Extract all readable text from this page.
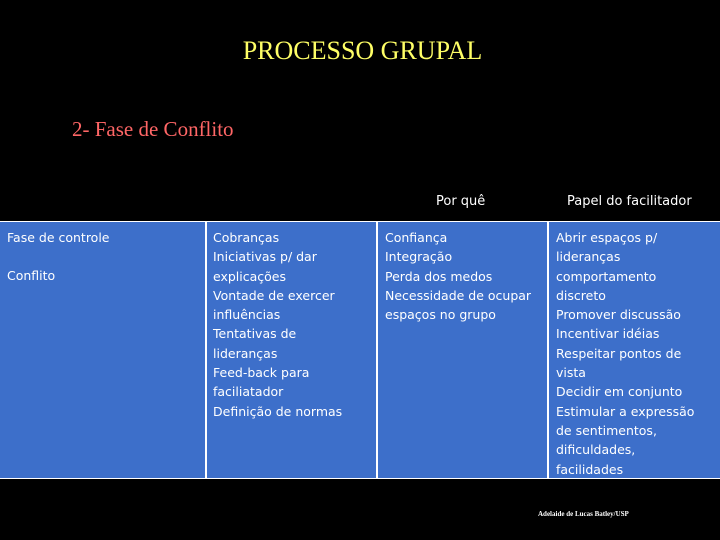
PROCESSO GRUPAL
2- Fase de Conflito
Por quê	Papel do facilitador
Fase de controle
Conflito
Cobranças
Iniciativas p/ dar
explicações
Vontade de exercer
influências
Tentativas de
lideranças
Feed-back para
faciliatador
Definição de normas
Confiança
Integração
Perda dos medos
Necessidade de ocupar
espaços no grupo
Abrir espaços p/
lideranças
comportamento
discreto
Promover discussão
Incentivar idéias
Respeitar pontos de
vista
Decidir em conjunto
Estimular a expressão
de sentimentos,
dificuldades,
facilidades
Adelaide de Lucas Batley/USP
